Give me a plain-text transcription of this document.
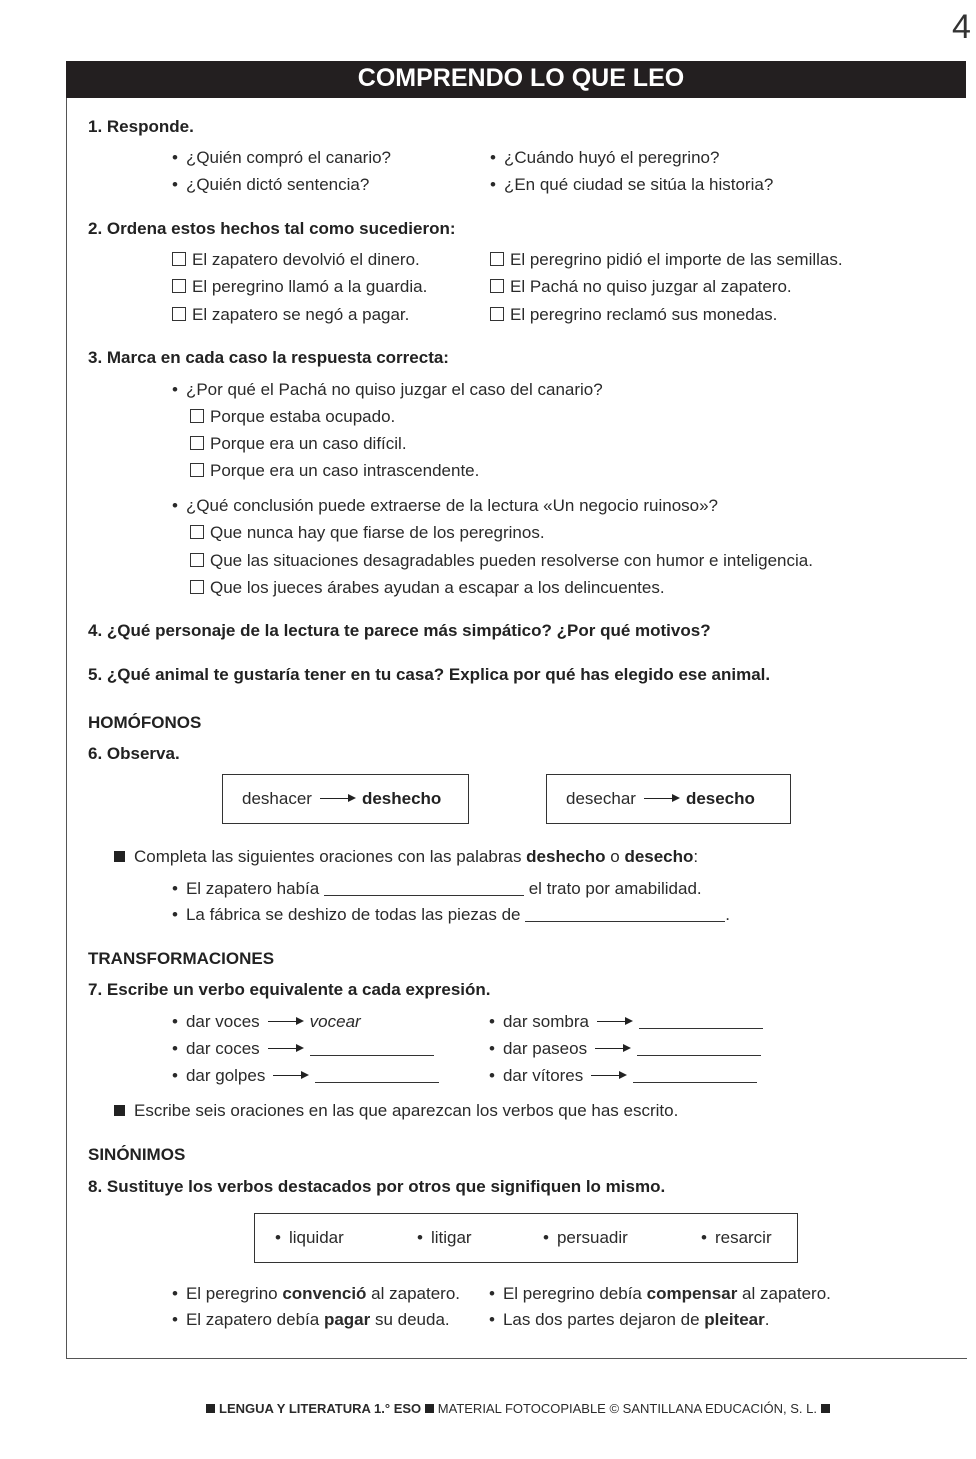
4
COMPRENDO LO QUE LEO
1. Responde.
• ¿Quién compró el canario?
• ¿Quién dictó sentencia?
• ¿Cuándo huyó el peregrino?
• ¿En qué ciudad se sitúa la historia?
2. Ordena estos hechos tal como sucedieron:
El zapatero devolvió el dinero.
El peregrino llamó a la guardia.
El zapatero se negó a pagar.
El peregrino pidió el importe de las semillas.
El Pachá no quiso juzgar al zapatero.
El peregrino reclamó sus monedas.
3. Marca en cada caso la respuesta correcta:
• ¿Por qué el Pachá no quiso juzgar el caso del canario?
Porque estaba ocupado.
Porque era un caso difícil.
Porque era un caso intrascendente.
• ¿Qué conclusión puede extraerse de la lectura «Un negocio ruinoso»?
Que nunca hay que fiarse de los peregrinos.
Que las situaciones desagradables pueden resolverse con humor e inteligencia.
Que los jueces árabes ayudan a escapar a los delincuentes.
4. ¿Qué personaje de la lectura te parece más simpático? ¿Por qué motivos?
5. ¿Qué animal te gustaría tener en tu casa? Explica por qué has elegido ese animal.
HOMÓFONOS
6. Observa.
deshacer	deshecho	desechar	desecho
Completa las siguientes oraciones con las palabras deshecho o desecho:
• El zapatero había	el trato por amabilidad.
• La fábrica se deshizo de todas las piezas de	.
TRANSFORMACIONES
7. Escribe un verbo equivalente a cada expresión.
• dar voces	vocear
• dar coces
• dar golpes
• dar sombra
• dar paseos
• dar vítores
Escribe seis oraciones en las que aparezcan los verbos que has escrito.
SINÓNIMOS
8. Sustituye los verbos destacados por otros que signifiquen lo mismo.
• liquidar	• litigar	• persuadir	• resarcir
• El peregrino convenció al zapatero.
• El zapatero debía pagar su deuda.
• El peregrino debía compensar al zapatero.
• Las dos partes dejaron de pleitear.
LENGUA Y LITERATURA 1.° ESO MATERIAL FOTOCOPIABLE © SANTILLANA EDUCACIÓN, S. L.
